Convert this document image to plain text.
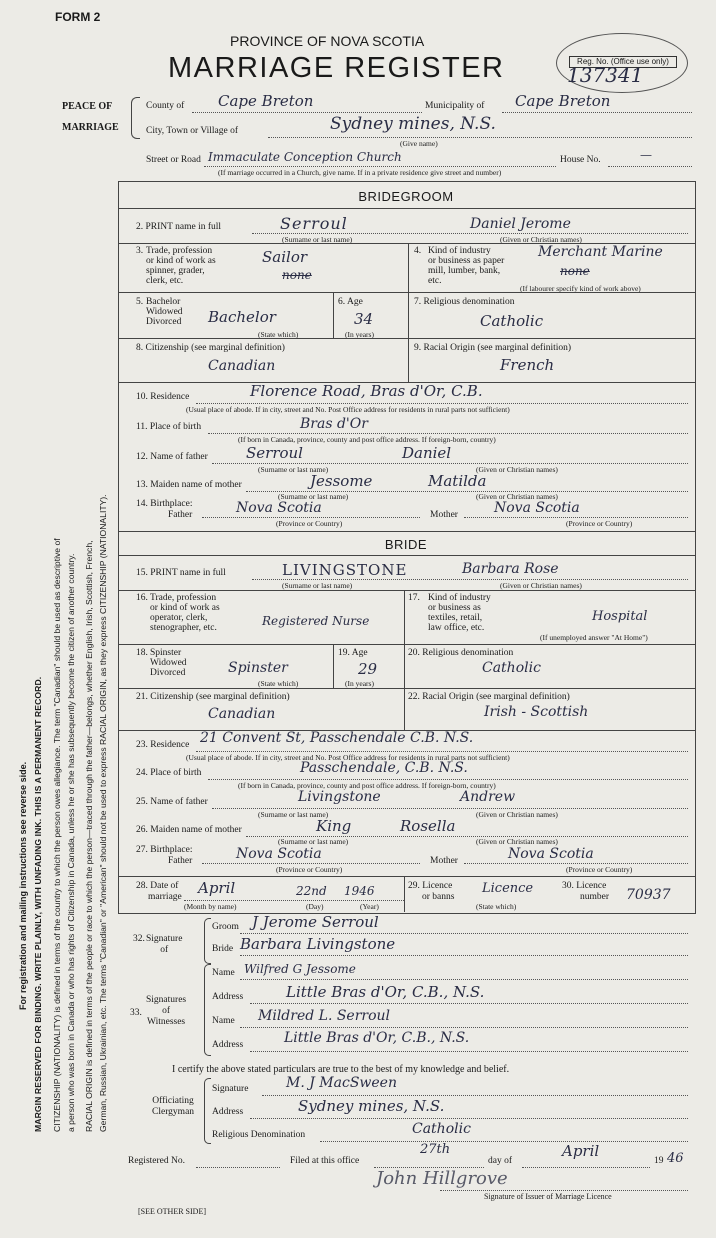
For registration and mailing instructions see reverse side. MARGIN RESERVED FOR BINDING. WRITE PLAINLY, WITH UNFADING INK. THIS IS A PERMANENT RECORD. CITIZENSHIP (NATIONALITY) is defined in terms of the country to which the person owes allegiance. The term "Canadian" should be used as descriptive of a person who was born in Canada or who has rights of Citizenship in Canada, unless he or she has subsequently become the citizen of another country. RACIAL ORIGIN is defined in terms of the people or race to which the person—traced through the father—belongs, whether English, Irish, Scottish, French, German, Russian, Ukrainian, etc. The terms "Canadian" or "American" should not be used to express RACIAL ORIGIN, as they express CITIZENSHIP (NATIONALITY).
FORM 2
PROVINCE OF NOVA SCOTIA
MARRIAGE REGISTER	Reg. No. (Office use only)
137341
PEACE OF
MARRIAGE
County of Cape Breton	Municipality of Cape Breton
City, Town or Village of	Sydney mines, N.S.
(Give name)
Street or Road Immaculate Conception Church	House No.	—
(If marriage occurred in a Church, give name. If in a private residence give street and number)
BRIDEGROOM
2. PRINT name in full	Serroul	Daniel Jerome
(Surname or last name)	(Given or Christian names)
3. Trade, profession
or kind of work as
spinner, grader,
clerk, etc.
Sailor
none
4. Kind of industry
or business as paper
mill, lumber, bank,
etc.
Merchant Marine
none
(If labourer specify kind of work above)
5. Bachelor
Widowed
Divorced Bachelor
(State which)
6. Age
34
(In years)
7. Religious denomination
Catholic
8. Citizenship (see marginal definition)
Canadian
9. Racial Origin (see marginal definition)
French
10. Residence	Florence Road, Bras d'Or, C.B.
(Usual place of abode. If in city, street and No. Post Office address for residents in rural parts not sufficient)
11. Place of birth	Bras d'Or
(If born in Canada, province, county and post office address. If foreign-born, country)
12. Name of father	Serroul	Daniel
(Surname or last name)	(Given or Christian names)
13. Maiden name of mother	Jessome	Matilda
(Surname or last name)	(Given or Christian names)
14. Birthplace:
Father	Nova Scotia	Mother	Nova Scotia
(Province or Country)	(Province or Country)
BRIDE
15. PRINT name in full	LIVINGSTONE	Barbara Rose
(Surname or last name)	(Given or Christian names)
16. Trade, profession
or kind of work as
operator, clerk,
stenographer, etc.	Registered Nurse
17. Kind of industry
or business as
textiles, retail,
law office, etc.
Hospital
(If unemployed answer "At Home")
18. Spinster
Widowed
Divorced	Spinster
(State which)
19. Age
29
(In years)
20. Religious denomination
Catholic
21. Citizenship (see marginal definition)
Canadian
22. Racial Origin (see marginal definition)
Irish - Scottish
23. Residence 21 Convent St, Passchendale C.B. N.S.
(Usual place of abode. If in city, street and No. Post Office address for residents in rural parts not sufficient)
24. Place of birth	Passchendale, C.B. N.S.
(If born in Canada, province, county and post office address. If foreign-born, country)
25. Name of father	Livingstone	Andrew
(Surname or last name)	(Given or Christian names)
26. Maiden name of mother	King	Rosella
(Surname or last name)	(Given or Christian names)
27. Birthplace:
Father	Nova Scotia	Mother	Nova Scotia
(Province or Country)	(Province or Country)
28. Date of
marriage April	22nd 1946
(Month by name)	(Day)	(Year)
29. Licence
or banns
Licence
(State which)
30. Licence
number 70937
32. Signature
of
Groom J Jerome Serroul
Bride Barbara Livingstone
33.
Signatures
of
Witnesses
Name Wilfred G Jessome
Address	Little Bras d'Or, C.B., N.S.
Name Mildred L. Serroul
Address	Little Bras d'Or, C.B., N.S.
I certify the above stated particulars are true to the best of my knowledge and belief.
Officiating
Clergyman
Signature	M. J MacSween
Address	Sydney mines, N.S.
Religious Denomination	Catholic
Registered No.	Filed at this office
27th
day of
April
19 46
John Hillgrove
Signature of Issuer of Marriage Licence
[SEE OTHER SIDE]
